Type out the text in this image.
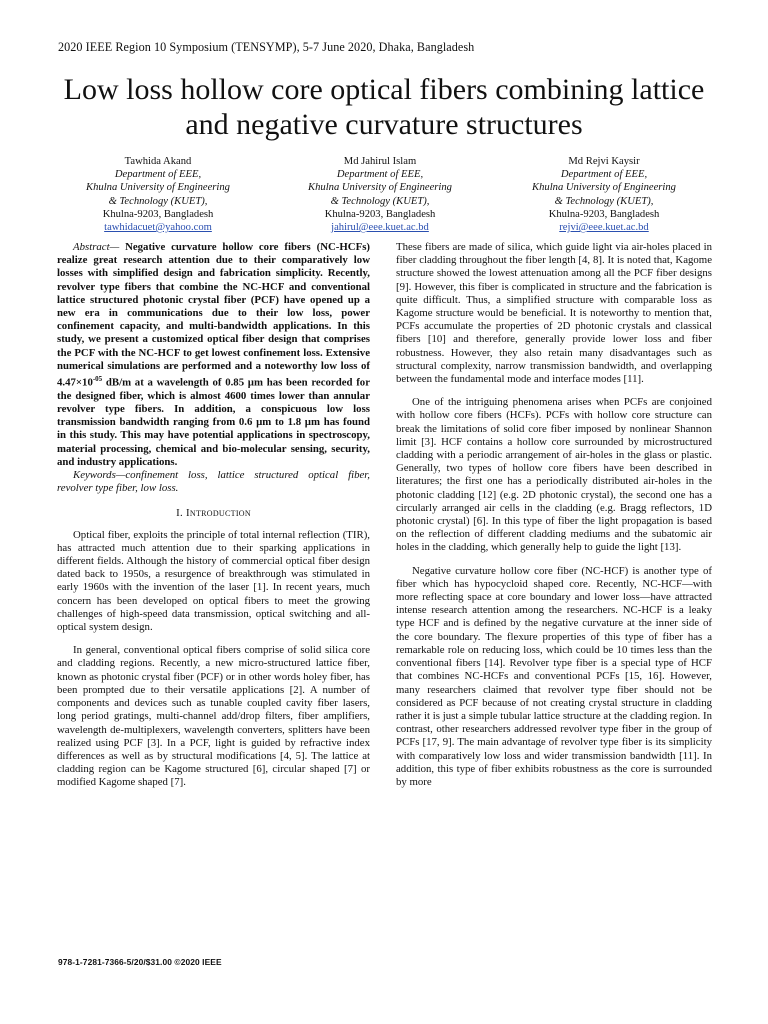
2020 IEEE Region 10 Symposium (TENSYMP), 5-7 June 2020, Dhaka, Bangladesh
Low loss hollow core optical fibers combining lattice and negative curvature structures
Tawhida Akand
Department of EEE,
Khulna University of Engineering
& Technology (KUET),
Khulna-9203, Bangladesh
tawhidacuet@yahoo.com
Md Jahirul Islam
Department of EEE,
Khulna University of Engineering
& Technology (KUET),
Khulna-9203, Bangladesh
jahirul@eee.kuet.ac.bd
Md Rejvi Kaysir
Department of EEE,
Khulna University of Engineering
& Technology (KUET),
Khulna-9203, Bangladesh
rejvi@eee.kuet.ac.bd

Abstract— Negative curvature hollow core fibers (NC-HCFs) realize great research attention due to their comparatively low losses with simplified design and fabrication simplicity. Recently, revolver type fibers that combine the NC-HCF and conventional lattice structured photonic crystal fiber (PCF) have opened up a new era in communications due to their low loss, power confinement capacity, and multi-bandwidth applications. In this study, we present a customized optical fiber design that comprises the PCF with the NC-HCF to get lowest confinement loss. Extensive numerical simulations are performed and a noteworthy low loss of $4.47\times 10^{-05}$ dB/m at a wavelength of 0.85 µm has been recorded for the designed fiber, which is almost 4600 times lower than annular revolver type fibers. In addition, a conspicuous low loss transmission bandwidth ranging from 0.6 µm to 1.8 µm has found in this study. This may have potential applications in spectroscopy, material processing, chemical and bio-molecular sensing, security, and industry applications.

Keywords—confinement loss, lattice structured optical fiber, revolver type fiber, low loss.

I. Introduction

Optical fiber, exploits the principle of total internal reflection (TIR), has attracted much attention due to their sparking applications in different fields. Although the history of commercial optical fiber design dated back to 1950s, a resurgence of breakthrough was stimulated in early 1960s with the invention of the laser [1]. In recent years, much concern has been developed on optical fibers to meet the growing challenges of high-speed data transmission, optical switching and all-optical system design.

In general, conventional optical fibers comprise of solid silica core and cladding regions. Recently, a new micro-structured lattice fiber, known as photonic crystal fiber (PCF) or in other words holey fiber, has been prompted due to their versatile applications [2]. A number of components and devices such as tunable coupled cavity fiber lasers, long period gratings, multi-channel add/drop filters, fiber amplifiers, wavelength de-multiplexers, wavelength converters, splitters have been realized using PCF [3]. In a PCF, light is guided by refractive index differences as well as by structural modifications [4, 5]. The lattice at cladding region can be Kagome structured [6], circular shaped [7] or modified Kagome shaped [7].

These fibers are made of silica, which guide light via air-holes placed in fiber cladding throughout the fiber length [4, 8]. It is noted that, Kagome structure showed the lowest attenuation among all the PCF fiber designs [9]. However, this fiber is complicated in structure and the fabrication is quite difficult. Thus, a simplified structure with comparable loss as Kagome structure would be beneficial. It is noteworthy to mention that, PCFs accumulate the properties of 2D photonic crystals and classical fibers [10] and therefore, generally provide lower loss and fiber robustness. However, they also retain many disadvantages such as structural complexity, narrow transmission bandwidth, and overlapping between the fundamental mode and interface modes [11].

One of the intriguing phenomena arises when PCFs are conjoined with hollow core fibers (HCFs). PCFs with hollow core structure can break the limitations of solid core fiber imposed by nonlinear Shannon limit [3]. HCF contains a hollow core surrounded by microstructured cladding with a periodic arrangement of air-holes in the glass or plastic. Generally, two types of hollow core fibers have been described in literatures; the first one has a periodically distributed air-holes in the photonic cladding [12] (e.g. 2D photonic crystal), the second one has a circularly arranged air cells in the cladding (e.g. Bragg reflectors, 1D photonic crystal) [6]. In this type of fiber the light propagation is based on the reflection of different cladding mediums and the subatomic air holes in the cladding, which generally help to guide the light [13].

Negative curvature hollow core fiber (NC-HCF) is another type of fiber which has hypocycloid shaped core. Recently, NC-HCF—with more reflecting space at core boundary and lower loss—have attracted intense research attention among the researchers. NC-HCF is a leaky type HCF and is defined by the negative curvature at the inner side of the core boundary. The flexure properties of this type of fiber has a remarkable role on reducing loss, which could be 10 times less than the conventional fibers [14]. Revolver type fiber is a special type of HCF that combines NC-HCFs and conventional PCFs [15, 16]. However, many researchers claimed that revolver type fiber should not be considered as PCF because of not creating crystal structure in cladding rather it is just a simple tubular lattice structure at the cladding region. In contrast, other researchers addressed revolver type fiber in the group of PCFs [17, 9]. The main advantage of revolver type fiber is its simplicity with comparatively low loss and wider transmission bandwidth [11]. In addition, this type of fiber exhibits robustness as the core is surrounded by more

978-1-7281-7366-5/20/$31.00 ©2020 IEEE
